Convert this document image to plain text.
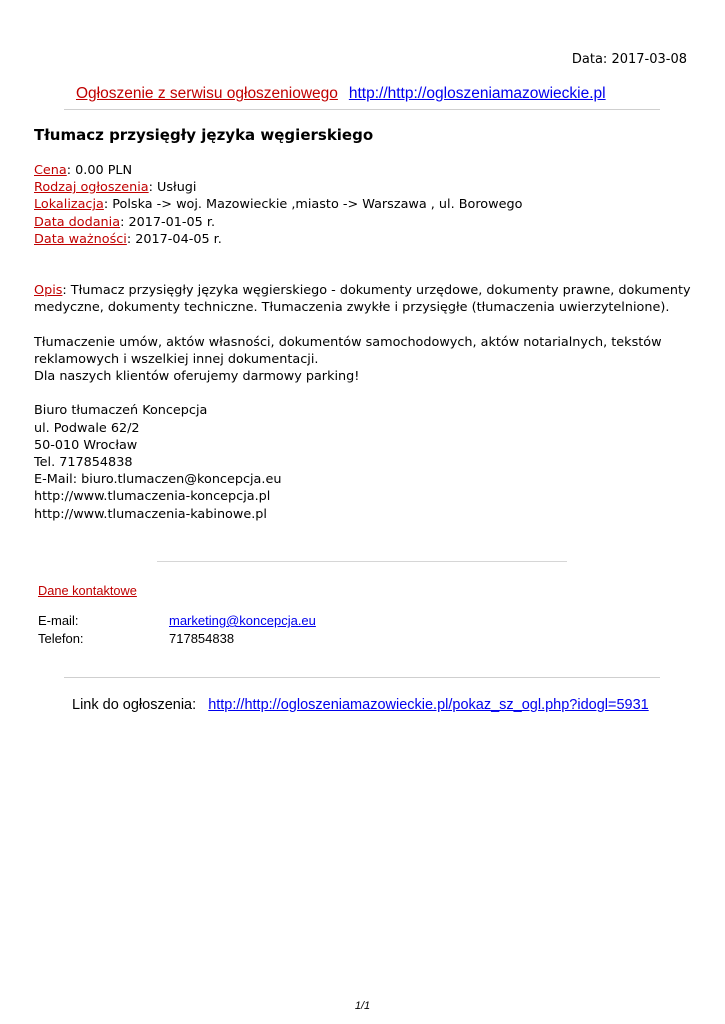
Data: 2017-03-08
Ogłoszenie z serwisu ogłoszeniowego http://http://ogloszeniamazowieckie.pl
Tłumacz przysięgły języka węgierskiego
Cena: 0.00 PLN
Rodzaj ogłoszenia: Usługi
Lokalizacja: Polska -> woj. Mazowieckie ,miasto -> Warszawa , ul. Borowego
Data dodania: 2017-01-05 r.
Data ważności: 2017-04-05 r.

Opis: Tłumacz przysięgły języka węgierskiego - dokumenty urzędowe, dokumenty prawne, dokumenty

medyczne, dokumenty techniczne. Tłumaczenia zwykłe i przysięgłe (tłumaczenia uwierzytelnione).

Tłumaczenie umów, aktów własności, dokumentów samochodowych, aktów notarialnych, tekstów

reklamowych i wszelkiej innej dokumentacji.

Dla naszych klientów oferujemy darmowy parking!

Biuro tłumaczeń Koncepcja

ul. Podwale 62/2

50-010 Wrocław

Tel. 717854838

E-Mail: biuro.tlumaczen@koncepcja.eu

http://www.tlumaczenia-koncepcja.pl

http://www.tlumaczenia-kabinowe.pl

Dane kontaktowe
E-mail:	marketing@koncepcja.eu
Telefon:	717854838
Link do ogłoszenia: http://http://ogloszeniamazowieckie.pl/pokaz_sz_ogl.php?idogl=5931
1/1
